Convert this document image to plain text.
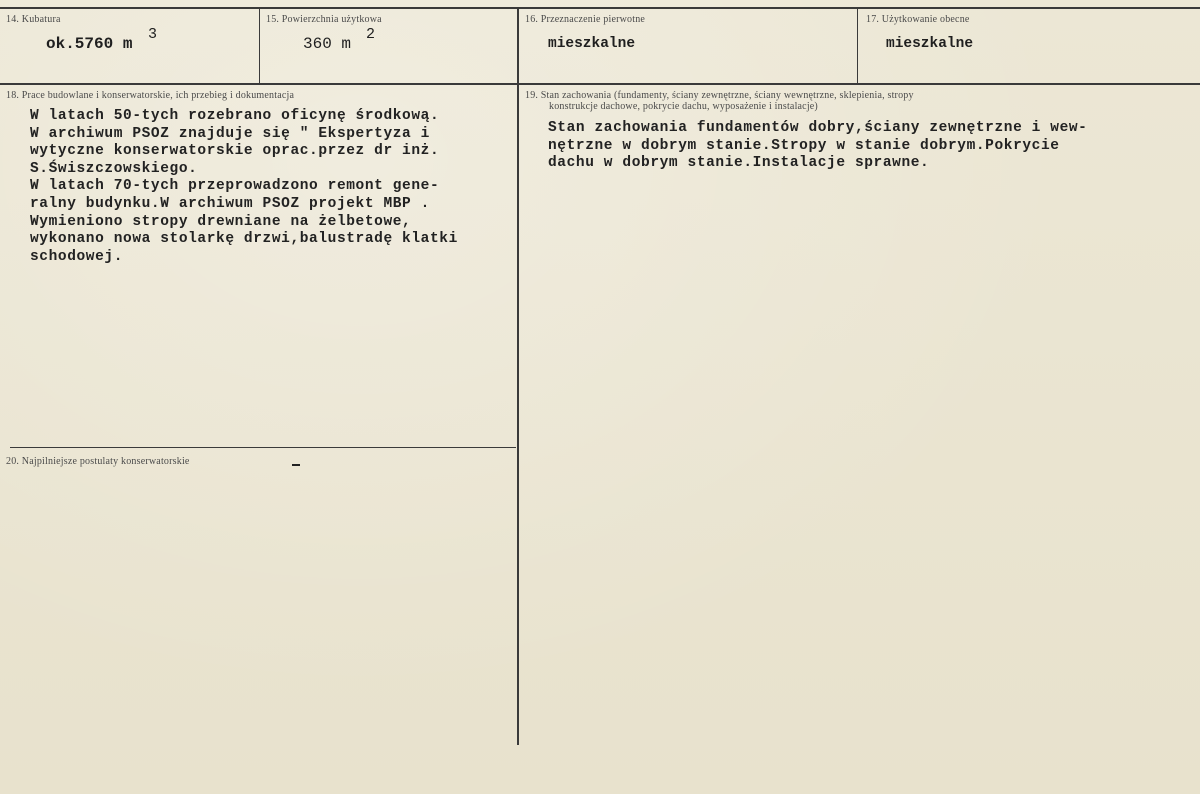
14. Kubatura
ok.5760 m
3
15. Powierzchnia użytkowa
360 m
2
16. Przeznaczenie pierwotne
mieszkalne
17. Użytkowanie obecne
mieszkalne
18. Prace budowlane i konserwatorskie, ich przebieg i dokumentacja
W latach 50-tych rozebrano oficynę środkową.
W archiwum PSOZ znajduje się " Ekspertyza i
wytyczne konserwatorskie oprac.przez dr inż.
S.Świszczowskiego.
W latach 70-tych przeprowadzono remont gene-
ralny budynku.W archiwum PSOZ projekt MBP .
Wymieniono stropy drewniane na żelbetowe,
wykonano nowa stolarkę drzwi,balustradę klatki
schodowej.
19. Stan zachowania (fundamenty, ściany zewnętrzne, ściany wewnętrzne, sklepienia, stropy
konstrukcje dachowe, pokrycie dachu, wyposażenie i instalacje)
Stan zachowania fundamentów dobry,ściany zewnętrzne i wew-
nętrzne w dobrym stanie.Stropy w stanie dobrym.Pokrycie
dachu w dobrym stanie.Instalacje sprawne.
20. Najpilniejsze postulaty konserwatorskie
